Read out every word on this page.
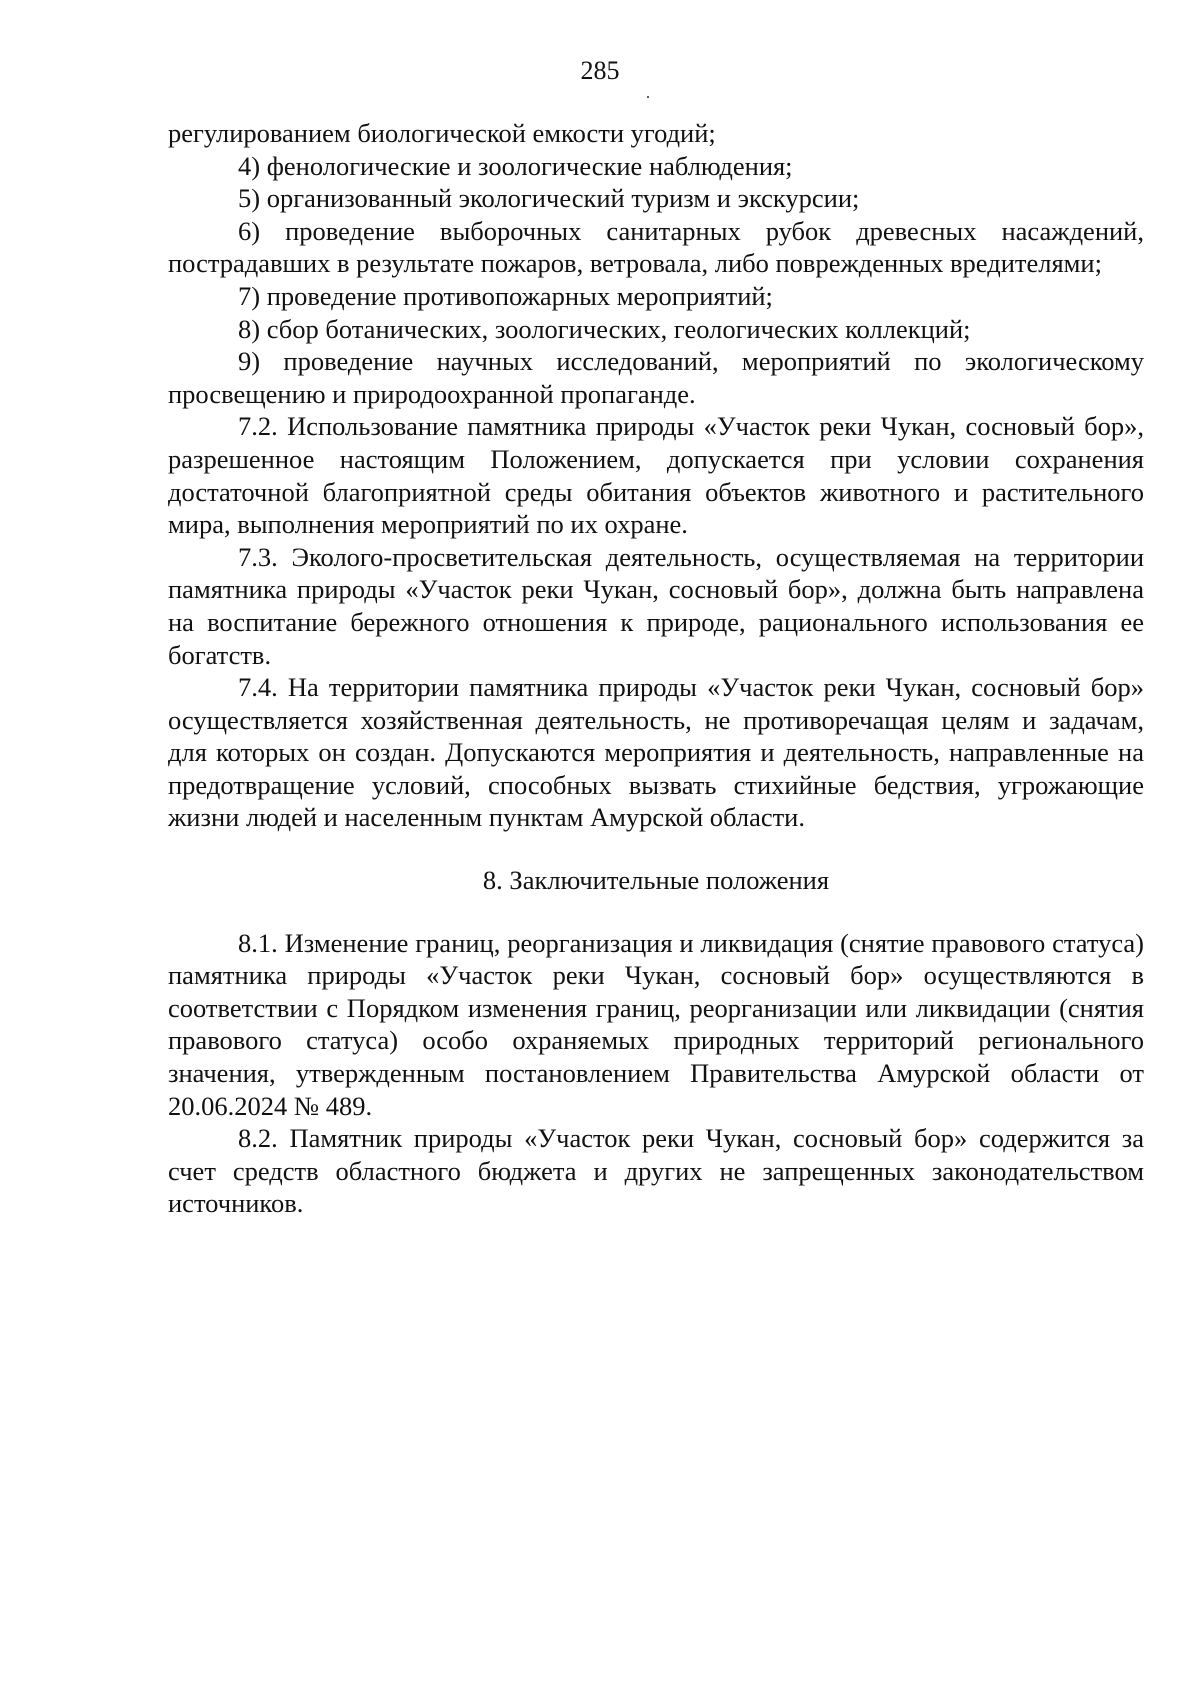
285

регулированием биологической емкости угодий;

4) фенологические и зоологические наблюдения;

5) организованный экологический туризм и экскурсии;

6) проведение выборочных санитарных рубок древесных насаждений, пострадавших в результате пожаров, ветровала, либо поврежденных вредителями;

7) проведение противопожарных мероприятий;

8) сбор ботанических, зоологических, геологических коллекций;

9) проведение научных исследований, мероприятий по экологическому просвещению и природоохранной пропаганде.

7.2. Использование памятника природы «Участок реки Чукан, сосновый бор», разрешенное настоящим Положением, допускается при условии сохранения достаточной благоприятной среды обитания объектов животного и растительного мира, выполнения мероприятий по их охране.

7.3. Эколого-просветительская деятельность, осуществляемая на территории памятника природы «Участок реки Чукан, сосновый бор», должна быть направлена на воспитание бережного отношения к природе, рационального использования ее богатств.

7.4. На территории памятника природы «Участок реки Чукан, сосновый бор» осуществляется хозяйственная деятельность, не противоречащая целям и задачам, для которых он создан. Допускаются мероприятия и деятельность, направленные на предотвращение условий, способных вызвать стихийные бедствия, угрожающие жизни людей и населенным пунктам Амурской области.

8. Заключительные положения

8.1. Изменение границ, реорганизация и ликвидация (снятие правового статуса) памятника природы «Участок реки Чукан, сосновый бор» осуществляются в соответствии с Порядком изменения границ, реорганизации или ликвидации (снятия правового статуса) особо охраняемых природных территорий регионального значения, утвержденным постановлением Правительства Амурской области от 20.06.2024 № 489.

8.2. Памятник природы «Участок реки Чукан, сосновый бор» содержится за счет средств областного бюджета и других не запрещенных законодательством источников.
